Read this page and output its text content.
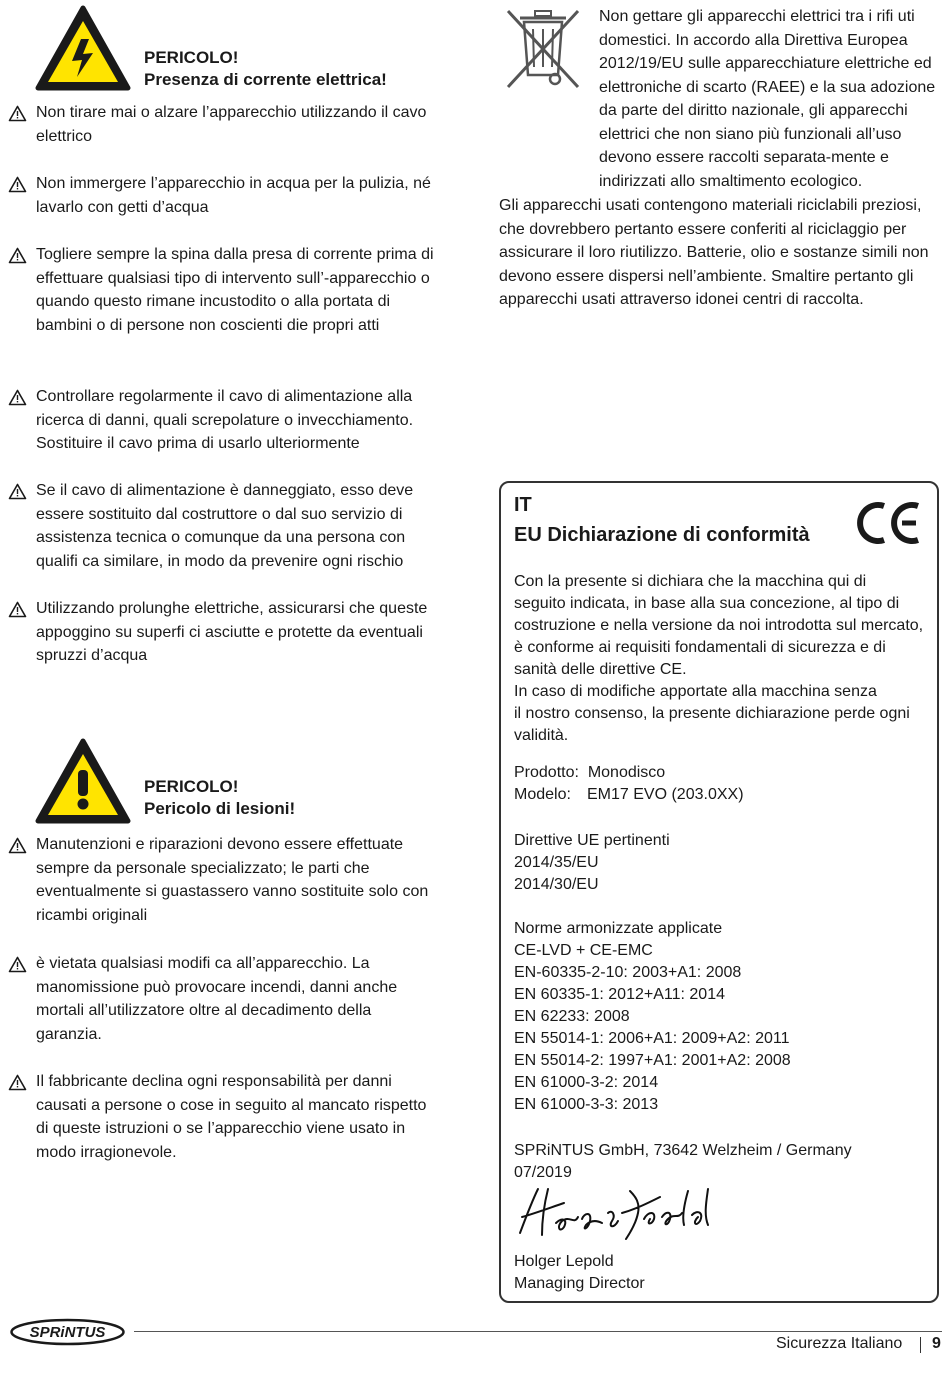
PERICOLO!
Presenza di corrente elettrica!
Non tirare mai o alzare l’apparecchio utilizzando il cavo elettrico
Non immergere l’apparecchio in acqua per la pulizia, né lavarlo con getti d’acqua
Togliere sempre la spina dalla presa di corrente prima di effettuare qualsiasi tipo di intervento sull’-apparecchio o quando questo rimane incustodito o alla portata di bambini o di persone non coscienti die propri atti
Controllare regolarmente il cavo di alimentazione alla ricerca di danni, quali screpolature o invecchiamento. Sostituire il cavo prima di usarlo ulteriormente
Se il cavo di alimentazione è danneggiato, esso deve essere sostituito dal costruttore o dal suo servizio di assistenza tecnica o comunque da una persona con qualifi ca similare, in modo da prevenire ogni rischio
Utilizzando prolunghe elettriche, assicurarsi che queste appoggino su superfi ci asciutte e protette da eventuali spruzzi d’acqua
PERICOLO!
Pericolo di lesioni!
Manutenzioni e riparazioni devono essere effettuate sempre da personale specializzato; le parti che eventualmente si guastassero vanno sostituite solo con ricambi originali
è vietata qualsiasi modifi ca all’apparecchio. La manomissione può provocare incendi, danni anche mortali all’utilizzatore oltre al decadimento della garanzia.
Il fabbricante declina ogni responsabilità per danni causati a persone o cose in seguito al mancato rispetto di queste istruzioni o se l’apparecchio viene usato in modo irragionevole.
Non gettare gli apparecchi elettrici tra i rifi uti domestici. In accordo alla Direttiva Europea 2012/19/EU sulle apparecchiature elettriche ed elettroniche di scarto (RAEE) e la sua adozione da parte del diritto nazionale, gli apparecchi elettrici che non siano più funzionali all’uso devono essere raccolti separata-mente e indirizzati allo smaltimento ecologico.
Gli apparecchi usati contengono materiali riciclabili preziosi, che dovrebbero pertanto essere conferiti al riciclaggio per assicurare il loro riutilizzo. Batterie, olio e sostanze simili non devono essere dispersi nell’ambiente. Smaltire pertanto gli apparecchi usati attraverso idonei centri di raccolta.
IT
EU Dichiarazione di conformità
Con la presente si dichiara che la macchina qui di
seguito indicata, in base alla sua concezione, al tipo di
costruzione e nella versione da noi introdotta sul mercato,
è conforme ai requisiti fondamentali di sicurezza e di
sanità delle direttive CE.
In caso di modifiche apportate alla macchina senza
il nostro consenso, la presente dichiarazione perde ogni
validità.
Prodotto: Monodisco
Modelo: EM17 EVO (203.0XX)
Direttive UE pertinenti
2014/35/EU
2014/30/EU
Norme armonizzate applicate
CE-LVD + CE-EMC
EN-60335-2-10: 2003+A1: 2008
EN 60335-1: 2012+A11: 2014
EN 62233: 2008
EN 55014-1: 2006+A1: 2009+A2: 2011
EN 55014-2: 1997+A1: 2001+A2: 2008
EN 61000-3-2: 2014
EN 61000-3-3: 2013
SPRiNTUS GmbH, 73642 Welzheim / Germany
07/2019
Holger Lepold
Managing Director
SPRiNTUS
Sicurezza Italiano 9
